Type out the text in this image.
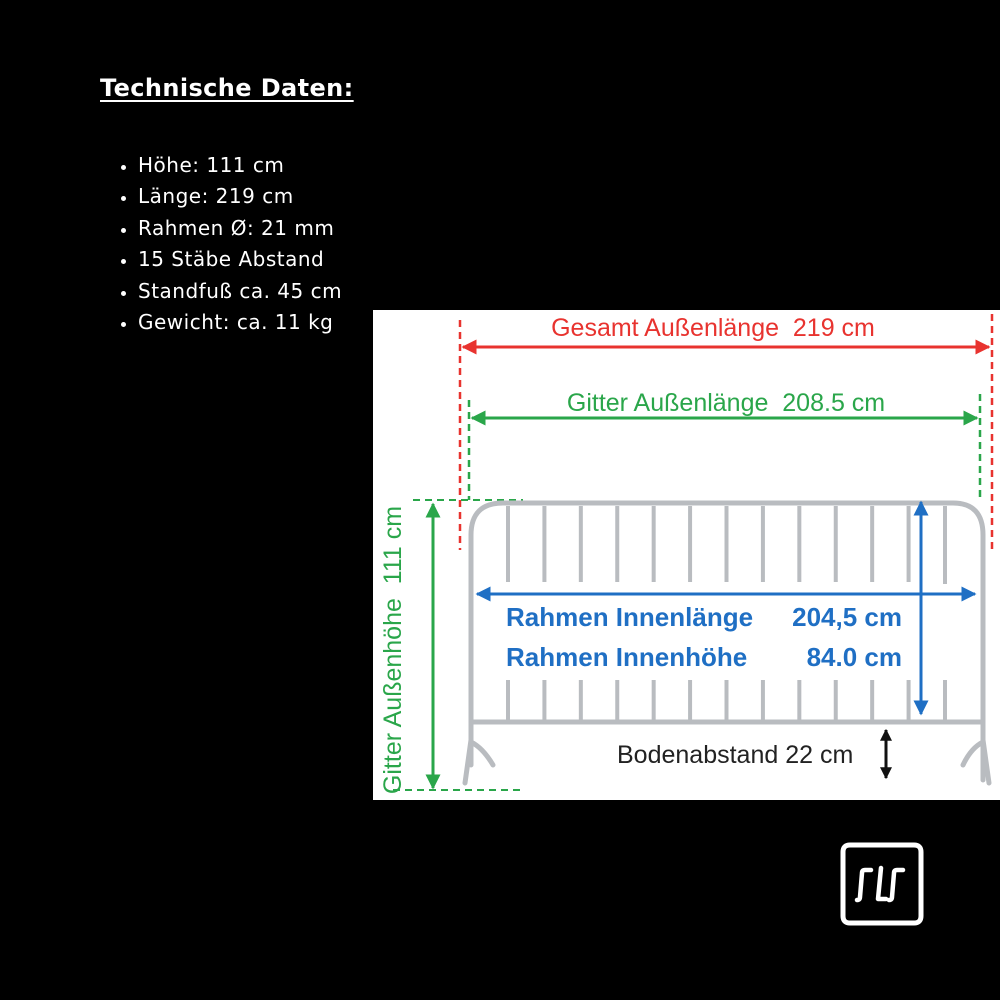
Technische Daten:
• Höhe: 111 cm
• Länge: 219 cm
• Rahmen Ø: 21 mm
• 15 Stäbe Abstand
• Standfuß ca. 45 cm
• Gewicht: ca. 11 kg	Gesamt Außenlänge  219 cm
Gitter Außenlänge  208.5 cm
Gitter Außenhöhe  111 cm	Rahmen Innenlänge 204,5 cm
Rahmen Innenhöhe 84.0 cm
Bodenabstand 22 cm
